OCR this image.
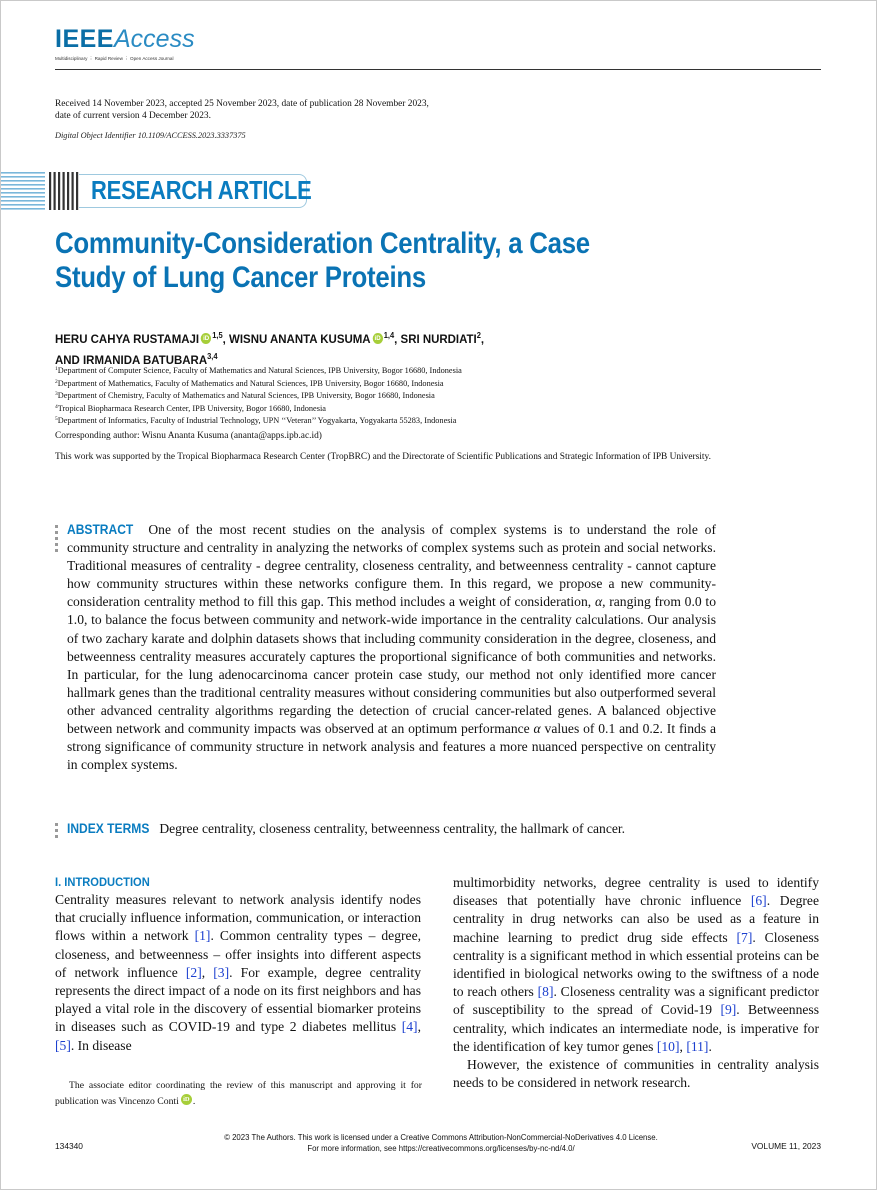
IEEEAccess
Multidisciplinary ⋮ Rapid Review ⋮ Open Access Journal
Received 14 November 2023, accepted 25 November 2023, date of publication 28 November 2023,
date of current version 4 December 2023.
Digital Object Identifier 10.1109/ACCESS.2023.3337375
RESEARCH ARTICLE
Community-Consideration Centrality, a Case
Study of Lung Cancer Proteins
HERU CAHYA RUSTAMAJI iD $^{1,5}$, WISNU ANANTA KUSUMA iD $^{1,4}$, SRI NURDIATI$^2$,
AND IRMANIDA BATUBARA$^{3,4}$
$^1$Department of Computer Science, Faculty of Mathematics and Natural Sciences, IPB University, Bogor 16680, Indonesia
$^2$Department of Mathematics, Faculty of Mathematics and Natural Sciences, IPB University, Bogor 16680, Indonesia
$^3$Department of Chemistry, Faculty of Mathematics and Natural Sciences, IPB University, Bogor 16680, Indonesia
$^4$Tropical Biopharmaca Research Center, IPB University, Bogor 16680, Indonesia
$^5$Department of Informatics, Faculty of Industrial Technology, UPN ‘‘Veteran’’ Yogyakarta, Yogyakarta 55283, Indonesia
Corresponding author: Wisnu Ananta Kusuma (ananta@apps.ipb.ac.id)
This work was supported by the Tropical Biopharmaca Research Center (TropBRC) and the Directorate of Scientific Publications and Strategic Information of IPB University.
ABSTRACT One of the most recent studies on the analysis of complex systems is to understand the role of community structure and centrality in analyzing the networks of complex systems such as protein and social networks. Traditional measures of centrality - degree centrality, closeness centrality, and betweenness centrality - cannot capture how community structures within these networks configure them. In this regard, we propose a new community-consideration centrality method to fill this gap. This method includes a weight of consideration, α, ranging from 0.0 to 1.0, to balance the focus between community and network-wide importance in the centrality calculations. Our analysis of two zachary karate and dolphin datasets shows that including community consideration in the degree, closeness, and betweenness centrality measures accurately captures the proportional significance of both communities and networks. In particular, for the lung adenocarcinoma cancer protein case study, our method not only identified more cancer hallmark genes than the traditional centrality measures without considering communities but also outperformed several other advanced centrality algorithms regarding the detection of crucial cancer-related genes. A balanced objective between network and community impacts was observed at an optimum performance α values of 0.1 and 0.2. It finds a strong significance of community structure in network analysis and features a more nuanced perspective on centrality in complex systems.
INDEX TERMS Degree centrality, closeness centrality, betweenness centrality, the hallmark of cancer.
I. INTRODUCTION
Centrality measures relevant to network analysis identify nodes that crucially influence information, communication, or interaction flows within a network [1]. Common centrality types – degree, closeness, and betweenness – offer insights into different aspects of network influence [2], [3]. For example, degree centrality represents the direct impact of a node on its first neighbors and has played a vital role in the discovery of essential biomarker proteins in diseases such as COVID-19 and type 2 diabetes mellitus [4], [5]. In disease
multimorbidity networks, degree centrality is used to identify diseases that potentially have chronic influence [6]. Degree centrality in drug networks can also be used as a feature in machine learning to predict drug side effects [7]. Closeness centrality is a significant method in which essential proteins can be identified in biological networks owing to the swiftness of a node to reach others [8]. Closeness centrality was a significant predictor of susceptibility to the spread of Covid-19 [9]. Betweenness centrality, which indicates an intermediate node, is imperative for the identification of key tumor genes [10], [11].
However, the existence of communities in centrality analysis needs to be considered in network research.
The associate editor coordinating the review of this manuscript and approving it for publication was Vincenzo Conti iD .
134340
© 2023 The Authors. This work is licensed under a Creative Commons Attribution-NonCommercial-NoDerivatives 4.0 License.
For more information, see https://creativecommons.org/licenses/by-nc-nd/4.0/	VOLUME 11, 2023
